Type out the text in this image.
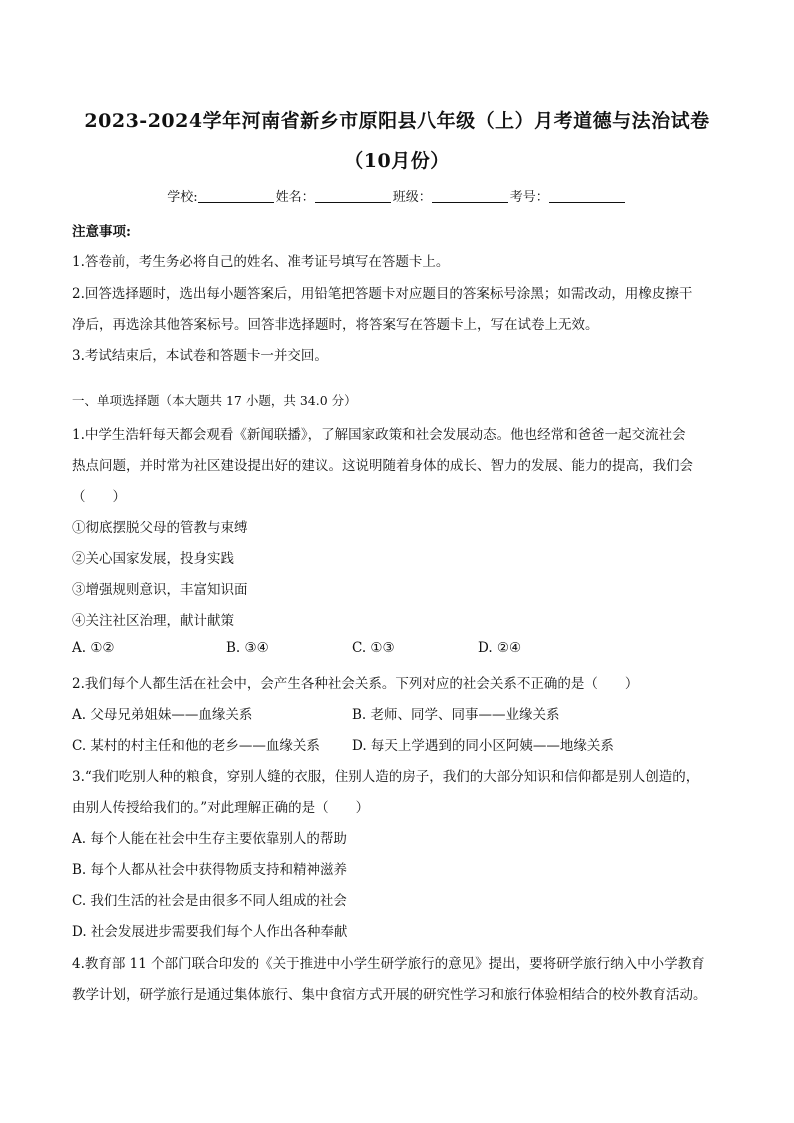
2023-2024学年河南省新乡市原阳县八年级（上）月考道德与法治试卷
（10月份）
学校:	姓名：	班级：	考号：
注意事项:
1.答卷前，考生务必将自己的姓名、准考证号填写在答题卡上。
2.回答选择题时，选出每小题答案后，用铅笔把答题卡对应题目的答案标号涂黑；如需改动，用橡皮擦干
净后，再选涂其他答案标号。回答非选择题时，将答案写在答题卡上，写在试卷上无效。
3.考试结束后，本试卷和答题卡一并交回。
一、单项选择题（本大题共 17 小题，共 34.0 分）
1.中学生浩轩每天都会观看《新闻联播》，了解国家政策和社会发展动态。他也经常和爸爸一起交流社会
热点问题，并时常为社区建设提出好的建议。这说明随着身体的成长、智力的发展、能力的提高，我们会
（　　）
①彻底摆脱父母的管教与束缚
②关心国家发展，投身实践
③增强规则意识，丰富知识面
④关注社区治理，献计献策
A. ①②	B. ③④	C. ①③	D. ②④
2.我们每个人都生活在社会中，会产生各种社会关系。下列对应的社会关系不正确的是（　　）
A. 父母兄弟姐妹——血缘关系	B. 老师、同学、同事——业缘关系
C. 某村的村主任和他的老乡——血缘关系 D. 每天上学遇到的同小区阿姨——地缘关系
3.“我们吃别人种的粮食，穿别人缝的衣服，住别人造的房子，我们的大部分知识和信仰都是别人创造的，
由别人传授给我们的。”对此理解正确的是（　　）
A. 每个人能在社会中生存主要依靠别人的帮助
B. 每个人都从社会中获得物质支持和精神滋养
C. 我们生活的社会是由很多不同人组成的社会
D. 社会发展进步需要我们每个人作出各种奉献
4.教育部 11 个部门联合印发的《关于推进中小学生研学旅行的意见》提出，要将研学旅行纳入中小学教育
教学计划，研学旅行是通过集体旅行、集中食宿方式开展的研究性学习和旅行体验相结合的校外教育活动。
